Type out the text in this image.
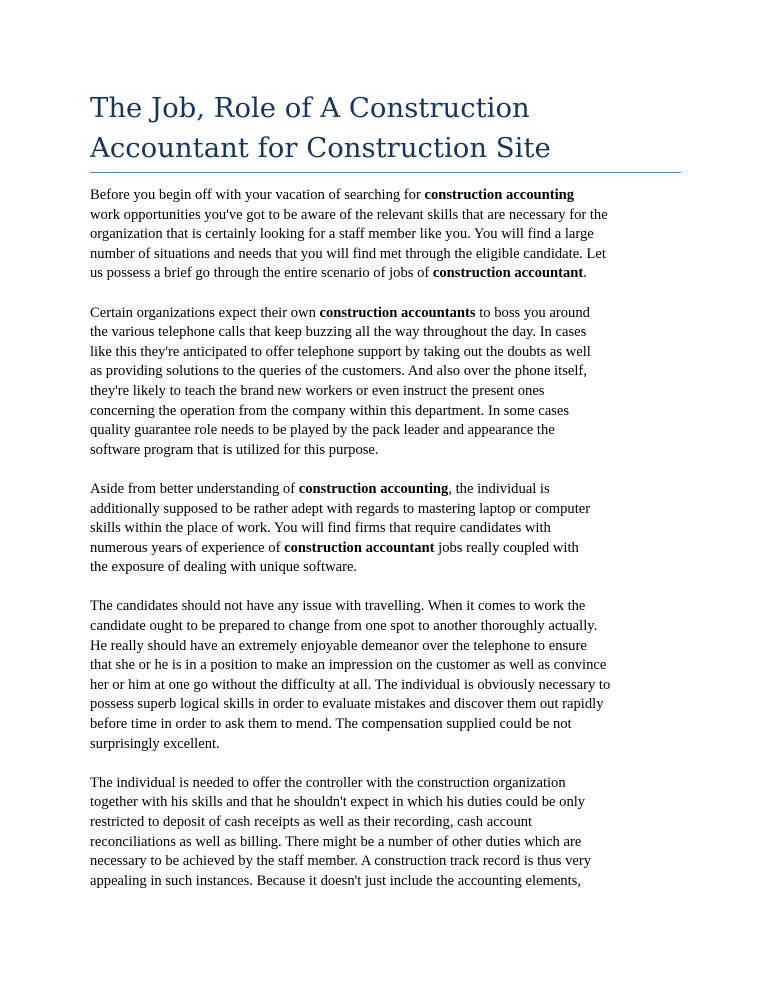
The Job, Role of A Construction
Accountant for Construction Site

Before you begin off with your vacation of searching for construction accounting
work opportunities you've got to be aware of the relevant skills that are necessary for the
organization that is certainly looking for a staff member like you. You will find a large
number of situations and needs that you will find met through the eligible candidate. Let
us possess a brief go through the entire scenario of jobs of construction accountant.

Certain organizations expect their own construction accountants to boss you around
the various telephone calls that keep buzzing all the way throughout the day. In cases
like this they're anticipated to offer telephone support by taking out the doubts as well
as providing solutions to the queries of the customers. And also over the phone itself,
they're likely to teach the brand new workers or even instruct the present ones
concerning the operation from the company within this department. In some cases
quality guarantee role needs to be played by the pack leader and appearance the
software program that is utilized for this purpose.

Aside from better understanding of construction accounting, the individual is
additionally supposed to be rather adept with regards to mastering laptop or computer
skills within the place of work. You will find firms that require candidates with
numerous years of experience of construction accountant jobs really coupled with
the exposure of dealing with unique software.

The candidates should not have any issue with travelling. When it comes to work the
candidate ought to be prepared to change from one spot to another thoroughly actually.
He really should have an extremely enjoyable demeanor over the telephone to ensure
that she or he is in a position to make an impression on the customer as well as convince
her or him at one go without the difficulty at all. The individual is obviously necessary to
possess superb logical skills in order to evaluate mistakes and discover them out rapidly
before time in order to ask them to mend. The compensation supplied could be not
surprisingly excellent.

The individual is needed to offer the controller with the construction organization
together with his skills and that he shouldn't expect in which his duties could be only
restricted to deposit of cash receipts as well as their recording, cash account
reconciliations as well as billing. There might be a number of other duties which are
necessary to be achieved by the staff member. A construction track record is thus very
appealing in such instances. Because it doesn't just include the accounting elements,
